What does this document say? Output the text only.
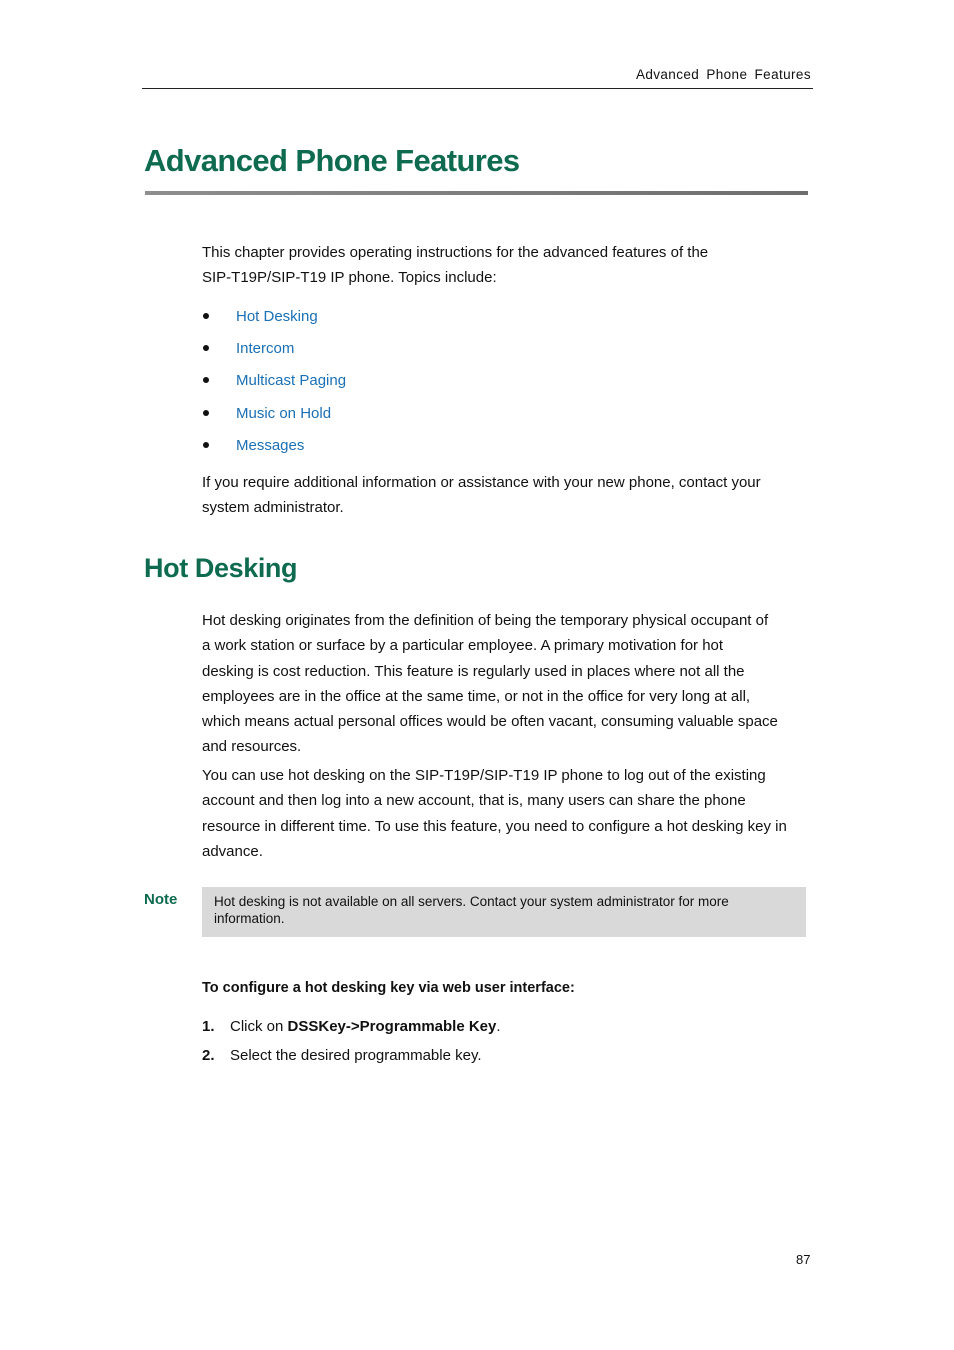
Advanced Phone Features
Advanced Phone Features
This chapter provides operating instructions for the advanced features of the
SIP-T19P/SIP-T19 IP phone. Topics include:
Hot Desking
Intercom
Multicast Paging
Music on Hold
Messages
If you require additional information or assistance with your new phone, contact your
system administrator.
Hot Desking
Hot desking originates from the definition of being the temporary physical occupant of
a work station or surface by a particular employee. A primary motivation for hot
desking is cost reduction. This feature is regularly used in places where not all the
employees are in the office at the same time, or not in the office for very long at all,
which means actual personal offices would be often vacant, consuming valuable space
and resources.
You can use hot desking on the SIP-T19P/SIP-T19 IP phone to log out of the existing
account and then log into a new account, that is, many users can share the phone
resource in different time. To use this feature, you need to configure a hot desking key in
advance.
Note	Hot desking is not available on all servers. Contact your system administrator for more
information.
To configure a hot desking key via web user interface:
1. Click on DSSKey->Programmable Key.
2. Select the desired programmable key.
87
